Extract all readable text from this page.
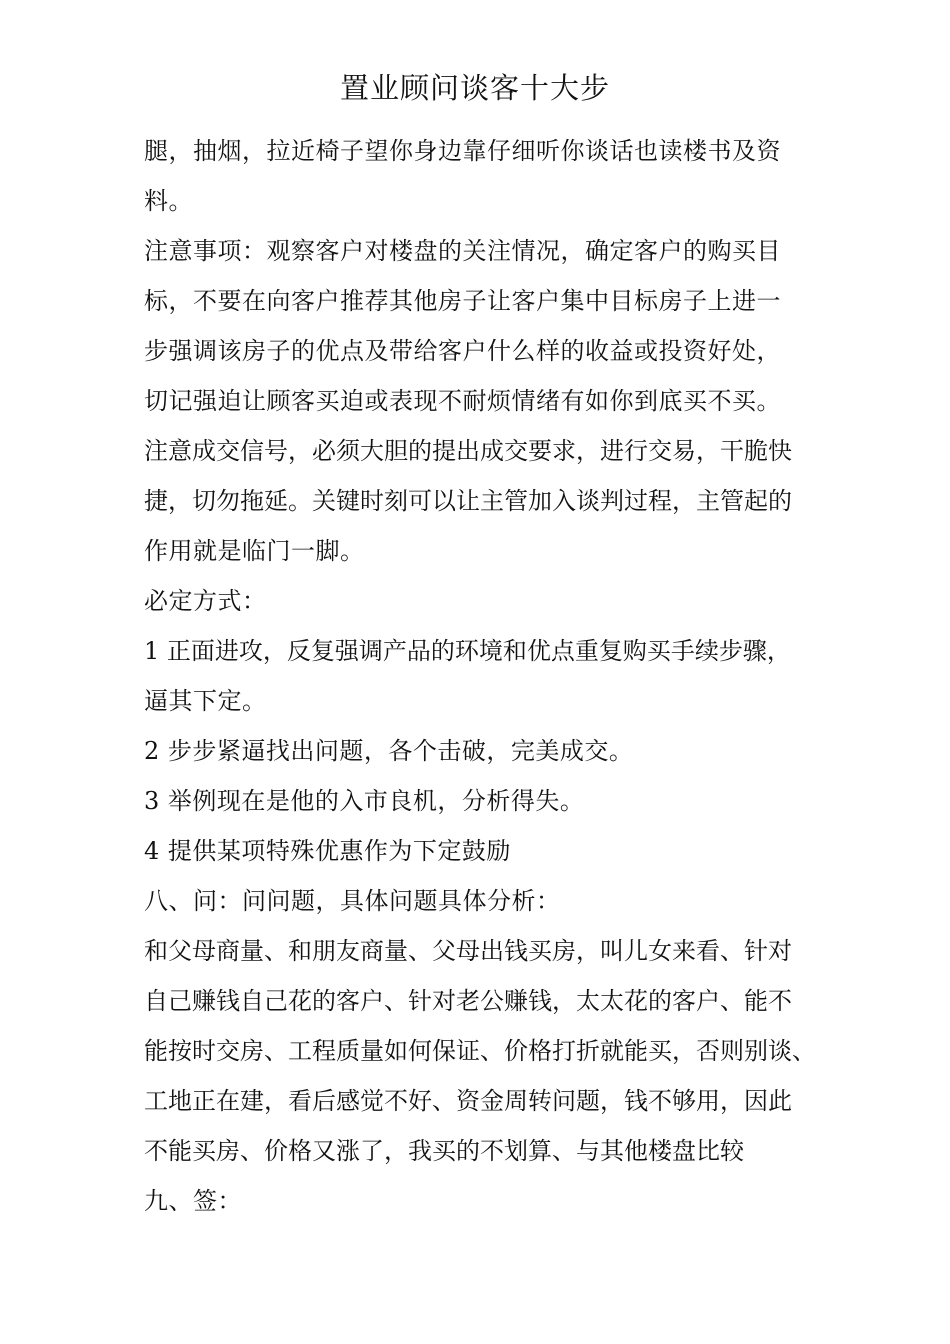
置业顾问谈客十大步
腿，抽烟，拉近椅子望你身边靠仔细听你谈话也读楼书及资
料。
注意事项：观察客户对楼盘的关注情况，确定客户的购买目
标，不要在向客户推荐其他房子让客户集中目标房子上进一
步强调该房子的优点及带给客户什么样的收益或投资好处，
切记强迫让顾客买迫或表现不耐烦情绪有如你到底买不买。
注意成交信号，必须大胆的提出成交要求，进行交易，干脆快
捷，切勿拖延。关键时刻可以让主管加入谈判过程，主管起的
作用就是临门一脚。
必定方式：
1 正面进攻，反复强调产品的环境和优点重复购买手续步骤，
逼其下定。
2 步步紧逼找出问题，各个击破，完美成交。
3 举例现在是他的入市良机，分析得失。
4 提供某项特殊优惠作为下定鼓励
八、问：问问题，具体问题具体分析：
和父母商量、和朋友商量、父母出钱买房，叫儿女来看、针对
自己赚钱自己花的客户、针对老公赚钱，太太花的客户、能不
能按时交房、工程质量如何保证、价格打折就能买，否则别谈、
工地正在建，看后感觉不好、资金周转问题，钱不够用，因此
不能买房、价格又涨了，我买的不划算、与其他楼盘比较
九、签：
